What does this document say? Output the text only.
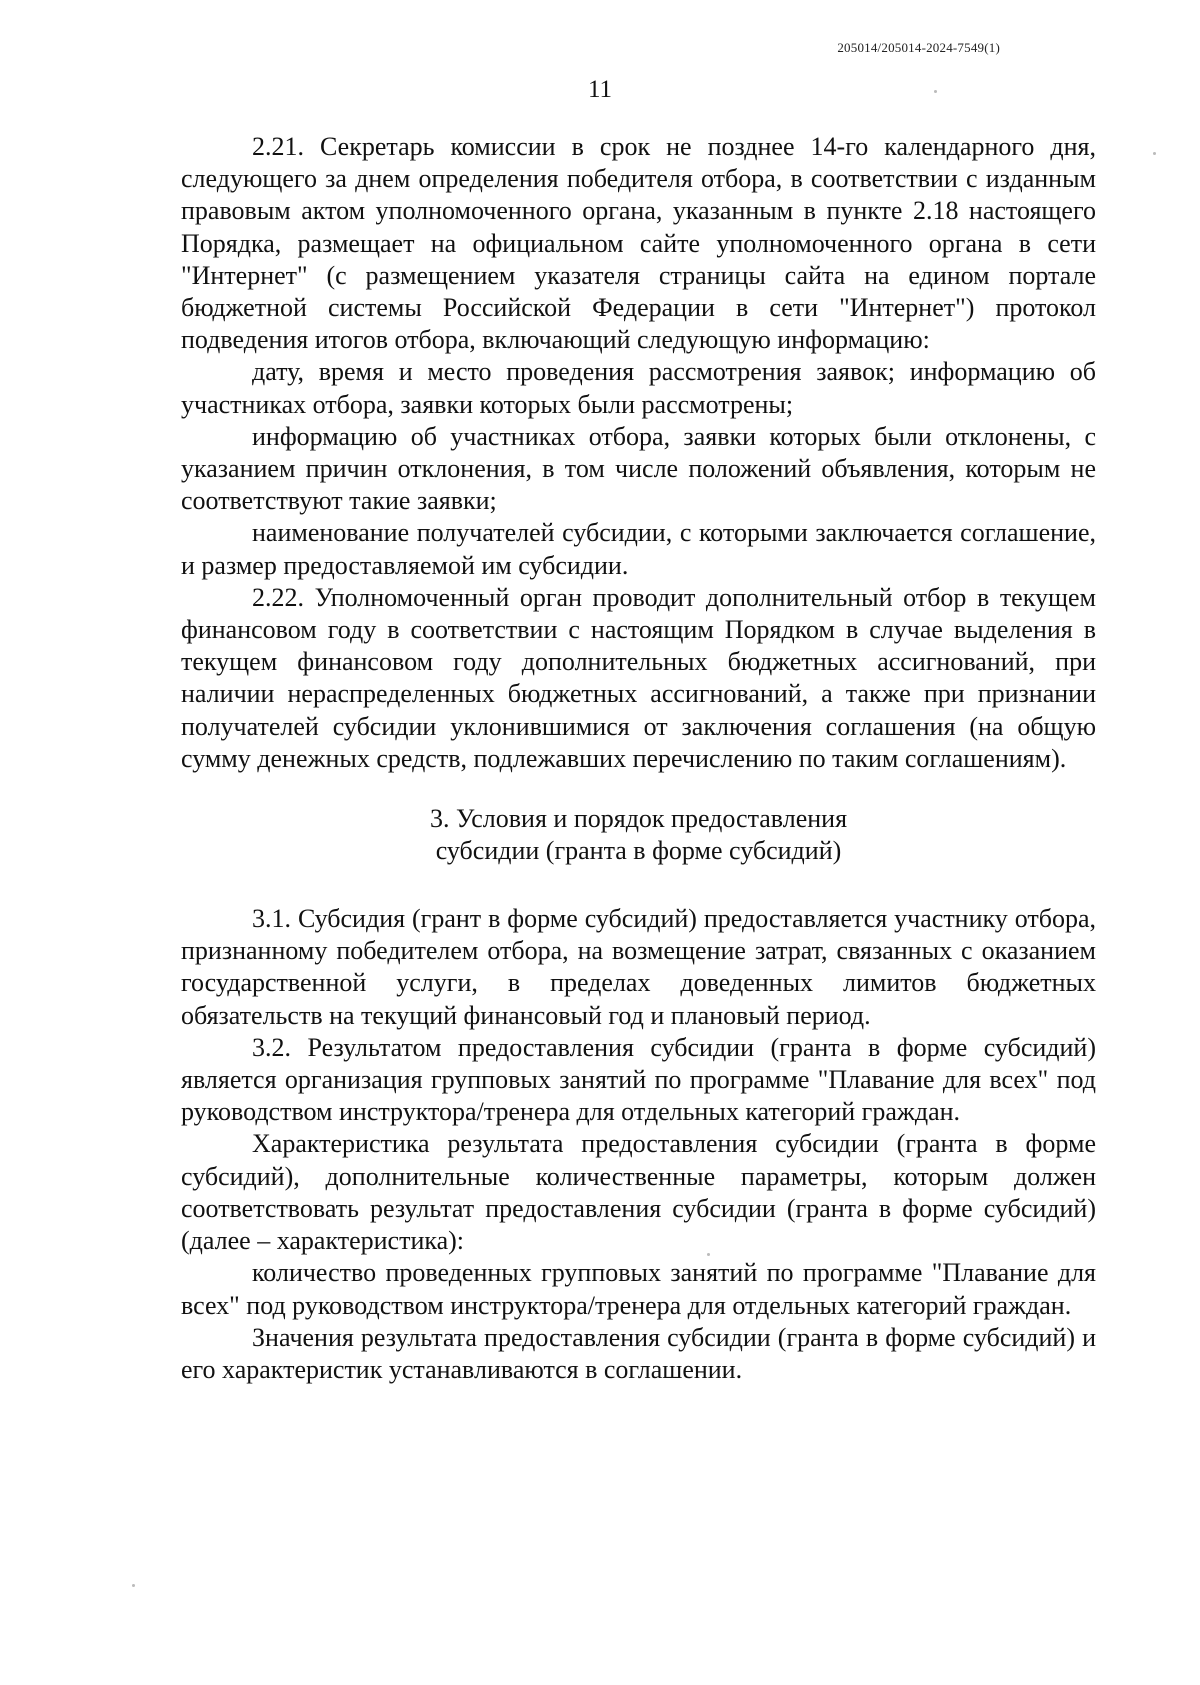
205014/205014-2024-7549(1)
11

2.21. Секретарь комиссии в срок не позднее 14-го календарного дня, следующего за днем определения победителя отбора, в соответствии с изданным правовым актом уполномоченного органа, указанным в пункте 2.18 настоящего Порядка, размещает на официальном сайте уполномоченного органа в сети "Интернет" (с размещением указателя страницы сайта на едином портале бюджетной системы Российской Федерации в сети "Интернет") протокол подведения итогов отбора, включающий следующую информацию:

дату, время и место проведения рассмотрения заявок; информацию об участниках отбора, заявки которых были рассмотрены;

информацию об участниках отбора, заявки которых были отклонены, с указанием причин отклонения, в том числе положений объявления, которым не соответствуют такие заявки;

наименование получателей субсидии, с которыми заключается соглашение, и размер предоставляемой им субсидии.

2.22. Уполномоченный орган проводит дополнительный отбор в текущем финансовом году в соответствии с настоящим Порядком в случае выделения в текущем финансовом году дополнительных бюджетных ассигнований, при наличии нераспределенных бюджетных ассигнований, а также при признании получателей субсидии уклонившимися от заключения соглашения (на общую сумму денежных средств, подлежавших перечислению по таким соглашениям).

3. Условия и порядок предоставления
субсидии (гранта в форме субсидий)

3.1. Субсидия (грант в форме субсидий) предоставляется участнику отбора, признанному победителем отбора, на возмещение затрат, связанных с оказанием государственной услуги, в пределах доведенных лимитов бюджетных обязательств на текущий финансовый год и плановый период.

3.2. Результатом предоставления субсидии (гранта в форме субсидий) является организация групповых занятий по программе "Плавание для всех" под руководством инструктора/тренера для отдельных категорий граждан.

Характеристика результата предоставления субсидии (гранта в форме субсидий), дополнительные количественные параметры, которым должен соответствовать результат предоставления субсидии (гранта в форме субсидий) (далее – характеристика):

количество проведенных групповых занятий по программе "Плавание для всех" под руководством инструктора/тренера для отдельных категорий граждан.

Значения результата предоставления субсидии (гранта в форме субсидий) и его характеристик устанавливаются в соглашении.
